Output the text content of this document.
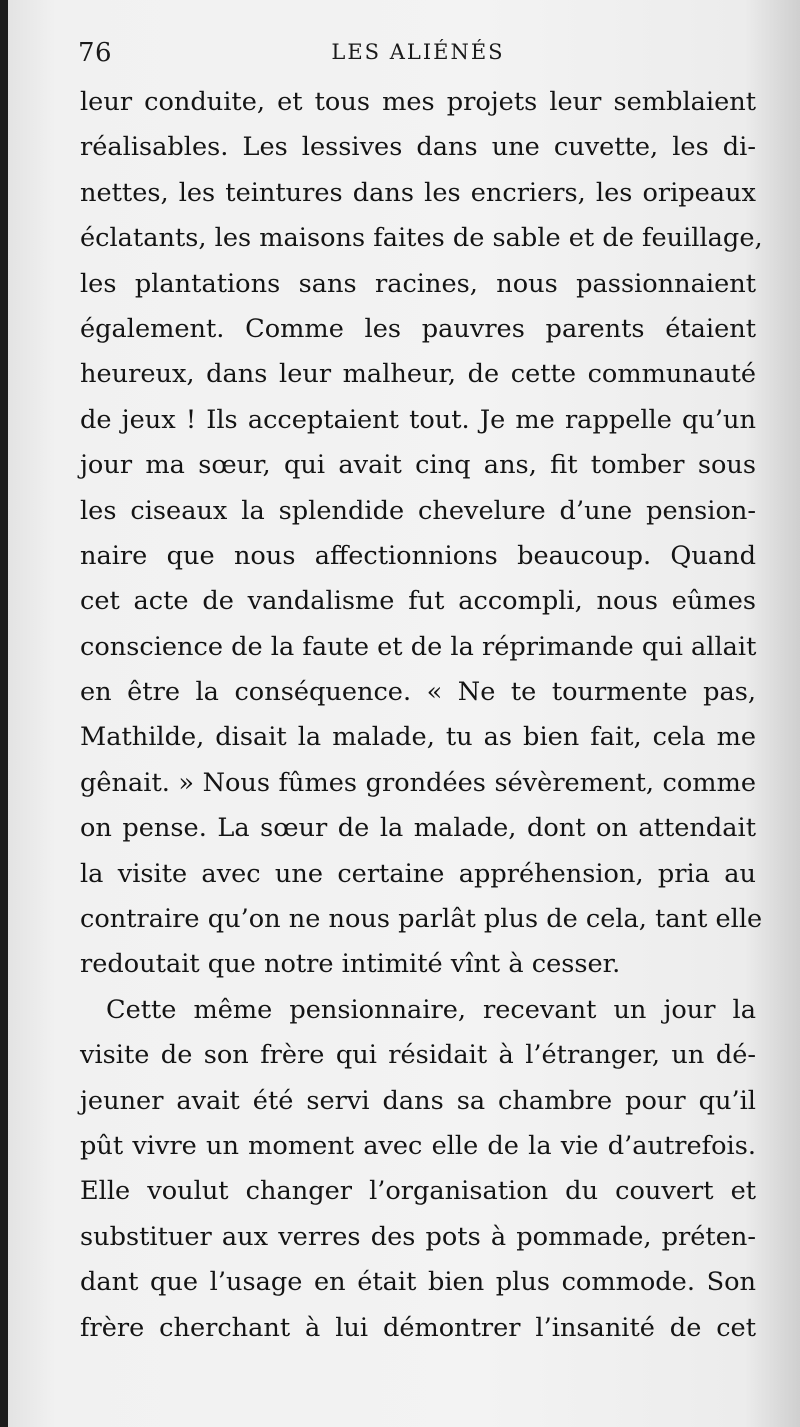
76	LES ALIÉNÉS
leur conduite, et tous mes projets leur semblaient
réalisables. Les lessives dans une cuvette, les di-
nettes, les teintures dans les encriers, les oripeaux
éclatants, les maisons faites de sable et de feuillage,
les plantations sans racines, nous passionnaient
également. Comme les pauvres parents étaient
heureux, dans leur malheur, de cette communauté
de jeux ! Ils acceptaient tout. Je me rappelle qu’un
jour ma sœur, qui avait cinq ans, fit tomber sous
les ciseaux la splendide chevelure d’une pension-
naire que nous affectionnions beaucoup. Quand
cet acte de vandalisme fut accompli, nous eûmes
conscience de la faute et de la réprimande qui allait
en être la conséquence. « Ne te tourmente pas,
Mathilde, disait la malade, tu as bien fait, cela me
gênait. » Nous fûmes grondées sévèrement, comme
on pense. La sœur de la malade, dont on attendait
la visite avec une certaine appréhension, pria au
contraire qu’on ne nous parlât plus de cela, tant elle
redoutait que notre intimité vînt à cesser.
Cette même pensionnaire, recevant un jour la
visite de son frère qui résidait à l’étranger, un dé-
jeuner avait été servi dans sa chambre pour qu’il
pût vivre un moment avec elle de la vie d’autrefois.
Elle voulut changer l’organisation du couvert et
substituer aux verres des pots à pommade, préten-
dant que l’usage en était bien plus commode. Son
frère cherchant à lui démontrer l’insanité de cet
